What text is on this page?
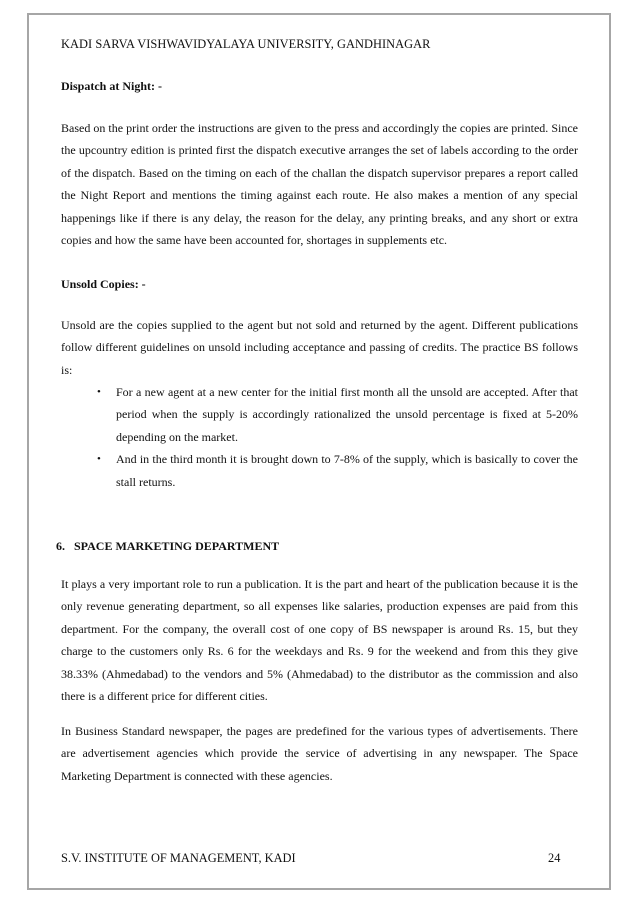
KADI SARVA VISHWAVIDYALAYA UNIVERSITY, GANDHINAGAR
Dispatch at Night: -
Based on the print order the instructions are given to the press and accordingly the copies are printed. Since the upcountry edition is printed first the dispatch executive arranges the set of labels according to the order of the dispatch. Based on the timing on each of the challan the dispatch supervisor prepares a report called the Night Report and mentions the timing against each route. He also makes a mention of any special happenings like if there is any delay, the reason for the delay, any printing breaks, and any short or extra copies and how the same have been accounted for, shortages in supplements etc.
Unsold Copies: -
Unsold are the copies supplied to the agent but not sold and returned by the agent. Different publications follow different guidelines on unsold including acceptance and passing of credits. The practice BS follows is:
• For a new agent at a new center for the initial first month all the unsold are accepted. After that period when the supply is accordingly rationalized the unsold percentage is fixed at 5-20% depending on the market.
• And in the third month it is brought down to 7-8% of the supply, which is basically to cover the stall returns.
6. SPACE MARKETING DEPARTMENT
It plays a very important role to run a publication. It is the part and heart of the publication because it is the only revenue generating department, so all expenses like salaries, production expenses are paid from this department. For the company, the overall cost of one copy of BS newspaper is around Rs. 15, but they charge to the customers only Rs. 6 for the weekdays and Rs. 9 for the weekend and from this they give 38.33% (Ahmedabad) to the vendors and 5% (Ahmedabad) to the distributor as the commission and also there is a different price for different cities.
In Business Standard newspaper, the pages are predefined for the various types of advertisements. There are advertisement agencies which provide the service of advertising in any newspaper. The Space Marketing Department is connected with these agencies.
S.V. INSTITUTE OF MANAGEMENT, KADI	24
